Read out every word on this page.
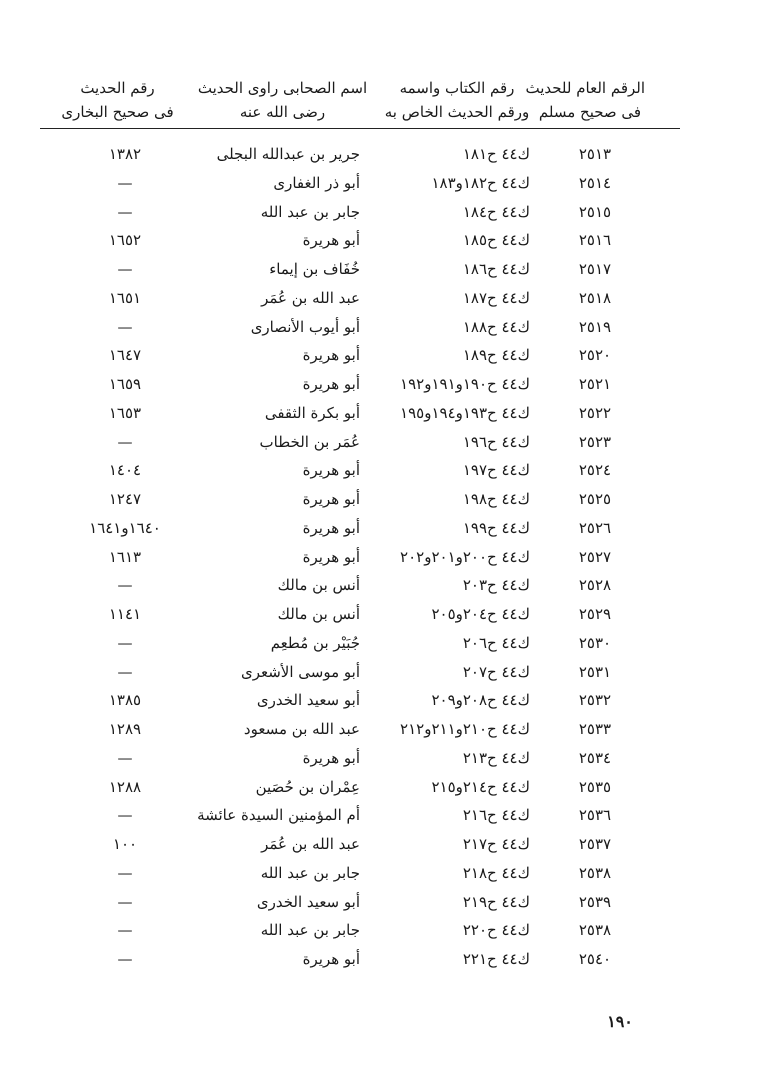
الرقم العام للحديث
فى صحيح مسلم
رقم الكتاب واسمه
ورقم الحديث الخاص به
اسم الصحابى راوى الحديث
رضى الله عنه
رقم الحديث
فى صحيح البخارى
٢٥١٣
ك٤٤ ح١٨١
جرير بن عبدالله البجلى
١٣٨٢
٢٥١٤
ك٤٤ ح١٨٢و١٨٣
أبو ذر الغفارى
—
٢٥١٥
ك٤٤ ح١٨٤
جابر بن عبد الله
—
٢٥١٦
ك٤٤ ح١٨٥
أبو هريرة
١٦٥٢
٢٥١٧
ك٤٤ ح١٨٦
خُفَاف بن إيماء
—
٢٥١٨
ك٤٤ ح١٨٧
عبد الله بن عُمَر
١٦٥١
٢٥١٩
ك٤٤ ح١٨٨
أبو أيوب الأنصارى
—
٢٥٢٠
ك٤٤ ح١٨٩
أبو هريرة
١٦٤٧
٢٥٢١
ك٤٤ ح١٩٠و١٩١و١٩٢
أبو هريرة
١٦٥٩
٢٥٢٢
ك٤٤ ح١٩٣و١٩٤و١٩٥
أبو بكرة الثقفى
١٦٥٣
٢٥٢٣
ك٤٤ ح١٩٦
عُمَر بن الخطاب
—
٢٥٢٤
ك٤٤ ح١٩٧
أبو هريرة
١٤٠٤
٢٥٢٥
ك٤٤ ح١٩٨
أبو هريرة
١٢٤٧
٢٥٢٦
ك٤٤ ح١٩٩
أبو هريرة
١٦٤٠و١٦٤١
٢٥٢٧
ك٤٤ ح٢٠٠و٢٠١و٢٠٢
أبو هريرة
١٦١٣
٢٥٢٨
ك٤٤ ح٢٠٣
أنس بن مالك
—
٢٥٢٩
ك٤٤ ح٢٠٤و٢٠٥
أنس بن مالك
١١٤١
٢٥٣٠
ك٤٤ ح٢٠٦
جُبَيْر بن مُطعِم
—
٢٥٣١
ك٤٤ ح٢٠٧
أبو موسى الأشعرى
—
٢٥٣٢
ك٤٤ ح٢٠٨و٢٠٩
أبو سعيد الخدرى
١٣٨٥
٢٥٣٣
ك٤٤ ح٢١٠و٢١١و٢١٢
عبد الله بن مسعود
١٢٨٩
٢٥٣٤
ك٤٤ ح٢١٣
أبو هريرة
—
٢٥٣٥
ك٤٤ ح٢١٤و٢١٥
عِمْران بن حُصَين
١٢٨٨
٢٥٣٦
ك٤٤ ح٢١٦
أم المؤمنين السيدة عائشة
—
٢٥٣٧
ك٤٤ ح٢١٧
عبد الله بن عُمَر
١٠٠
٢٥٣٨
ك٤٤ ح٢١٨
جابر بن عبد الله
—
٢٥٣٩
ك٤٤ ح٢١٩
أبو سعيد الخدرى
—
٢٥٣٨
ك٤٤ ح٢٢٠
جابر بن عبد الله
—
٢٥٤٠
ك٤٤ ح٢٢١
أبو هريرة
—
١٩٠
